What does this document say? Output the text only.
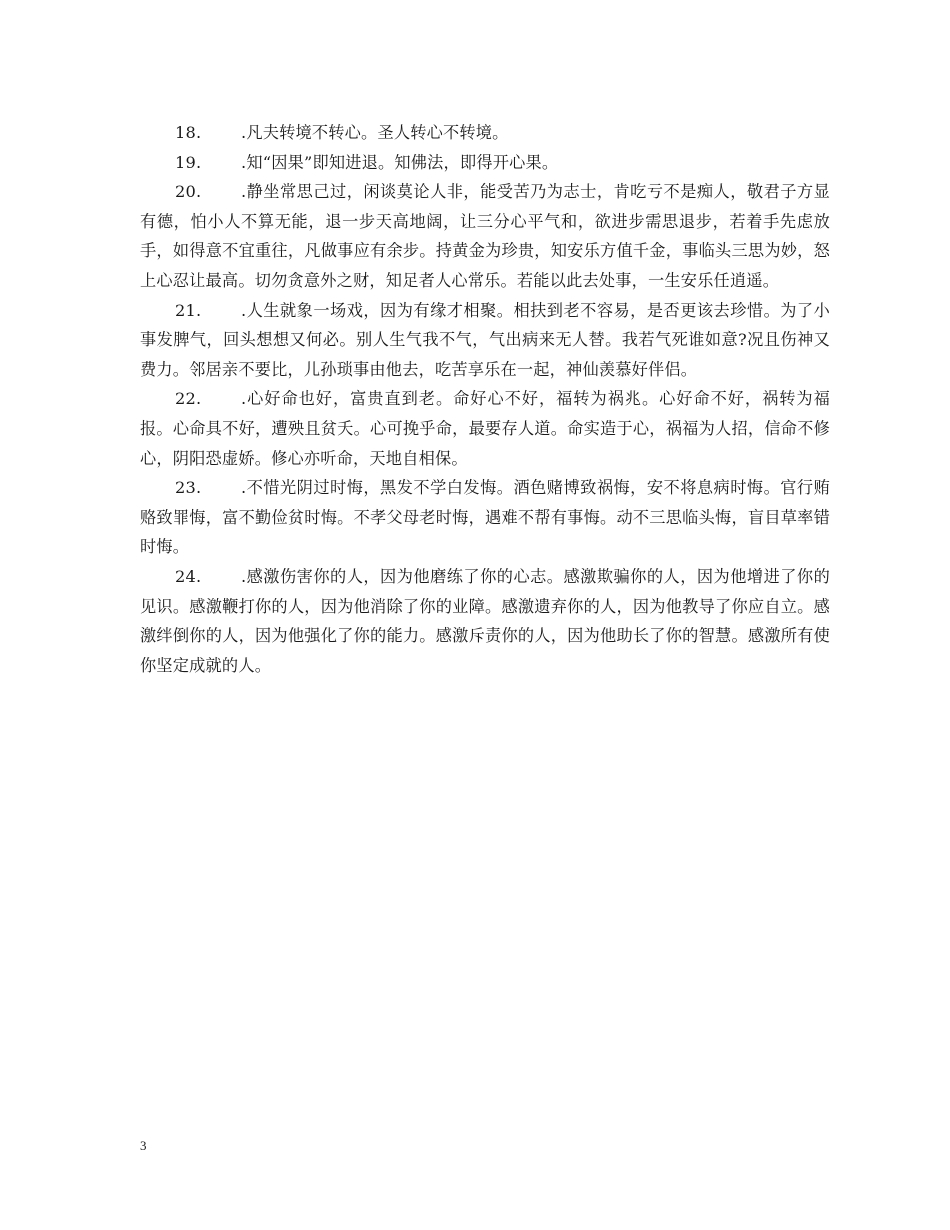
18. .凡夫转境不转心。圣人转心不转境。

19. .知“因果”即知进退。知佛法，即得开心果。

20. .静坐常思己过，闲谈莫论人非，能受苦乃为志士，肯吃亏不是痴人，敬君子方显有德，怕小人不算无能，退一步天高地阔，让三分心平气和，欲进步需思退步，若着手先虑放手，如得意不宜重往，凡做事应有余步。持黄金为珍贵，知安乐方值千金，事临头三思为妙，怒上心忍让最高。切勿贪意外之财，知足者人心常乐。若能以此去处事，一生安乐任逍遥。

21. .人生就象一场戏，因为有缘才相聚。相扶到老不容易，是否更该去珍惜。为了小事发脾气，回头想想又何必。别人生气我不气，气出病来无人替。我若气死谁如意?况且伤神又费力。邻居亲不要比，儿孙琐事由他去，吃苦享乐在一起，神仙羡慕好伴侣。

22. .心好命也好，富贵直到老。命好心不好，福转为祸兆。心好命不好，祸转为福报。心命具不好，遭殃且贫夭。心可挽乎命，最要存人道。命实造于心，祸福为人招，信命不修心，阴阳恐虚娇。修心亦听命，天地自相保。

23. .不惜光阴过时悔，黑发不学白发悔。酒色赌博致祸悔，安不将息病时悔。官行贿赂致罪悔，富不勤俭贫时悔。不孝父母老时悔，遇难不帮有事悔。动不三思临头悔，盲目草率错时悔。

24. .感激伤害你的人，因为他磨练了你的心志。感激欺骗你的人，因为他增进了你的见识。感激鞭打你的人，因为他消除了你的业障。感激遗弃你的人，因为他教导了你应自立。感激绊倒你的人，因为他强化了你的能力。感激斥责你的人，因为他助长了你的智慧。感激所有使你坚定成就的人。

3
